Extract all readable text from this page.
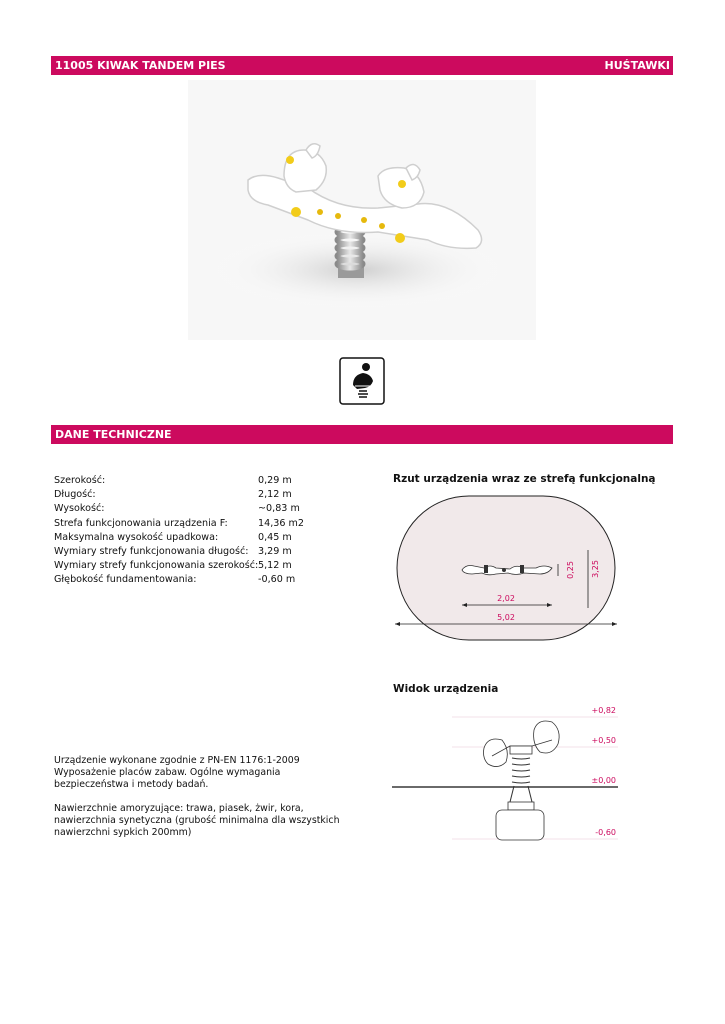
11005 KIWAK TANDEM PIES	HUŚTAWKI
DANE TECHNICZNE
Szerokość:	0,29 m
Długość:	2,12 m
Wysokość:	~0,83 m
Strefa funkcjonowania urządzenia F:	14,36 m2
Maksymalna wysokość upadkowa:	0,45 m
Wymiary strefy funkcjonowania długość: 3,29 m
Wymiary strefy funkcjonowania szerokość: 5,12 m
Głębokość fundamentowania:	-0,60 m
Rzut urządzenia wraz ze strefą funkcjonalną
0,25 3,25
2,02
5,02
Widok urządzenia
+0,82
+0,50
±0,00
-0,60
Urządzenie wykonane zgodnie z PN-EN 1176:1-2009
Wyposażenie placów zabaw. Ogólne wymagania
bezpieczeństwa i metody badań.
Nawierzchnie amoryzujące: trawa, piasek, żwir, kora,
nawierzchnia synetyczna (grubość minimalna dla wszystkich
nawierzchni sypkich 200mm)
